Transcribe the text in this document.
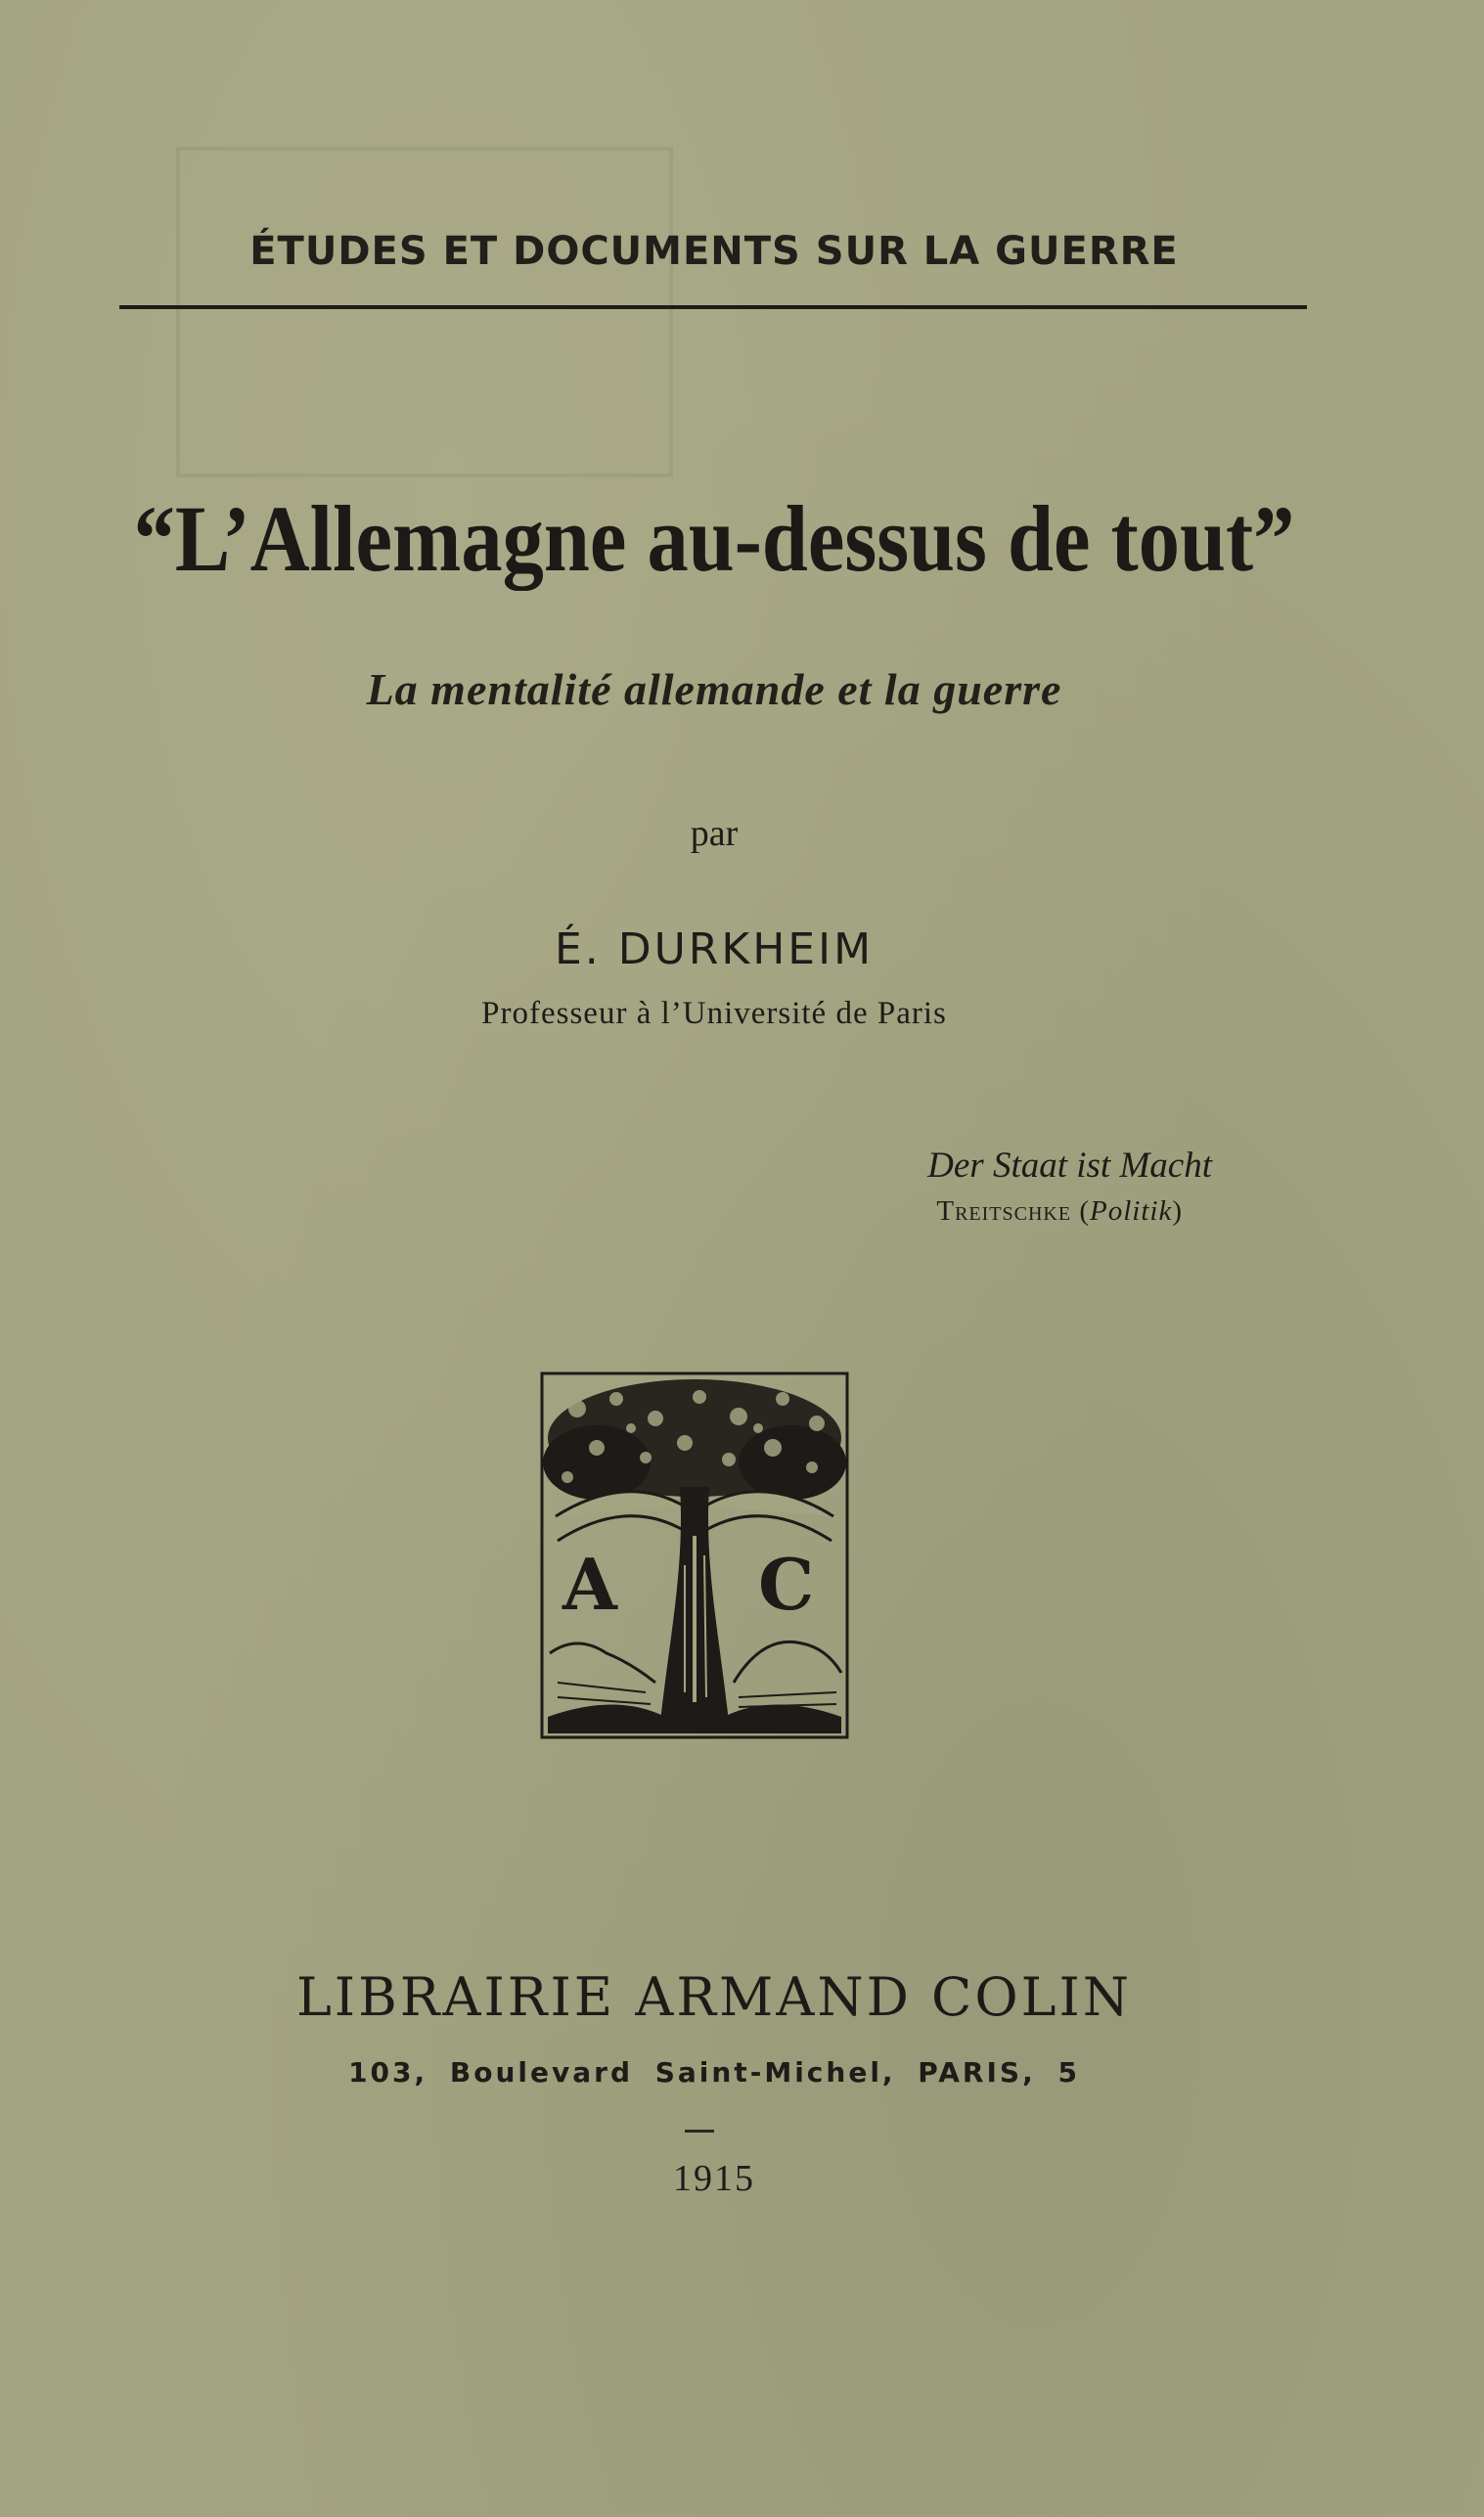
ÉTUDES ET DOCUMENTS SUR LA GUERRE
“L’Allemagne au-dessus de tout”
La mentalité allemande et la guerre
par
É. DURKHEIM
Professeur à l’Université de Paris
Der Staat ist Macht
Treitschke (Politik)
A C
LIBRAIRIE ARMAND COLIN
103, Boulevard Saint-Michel, PARIS, 5
1915
